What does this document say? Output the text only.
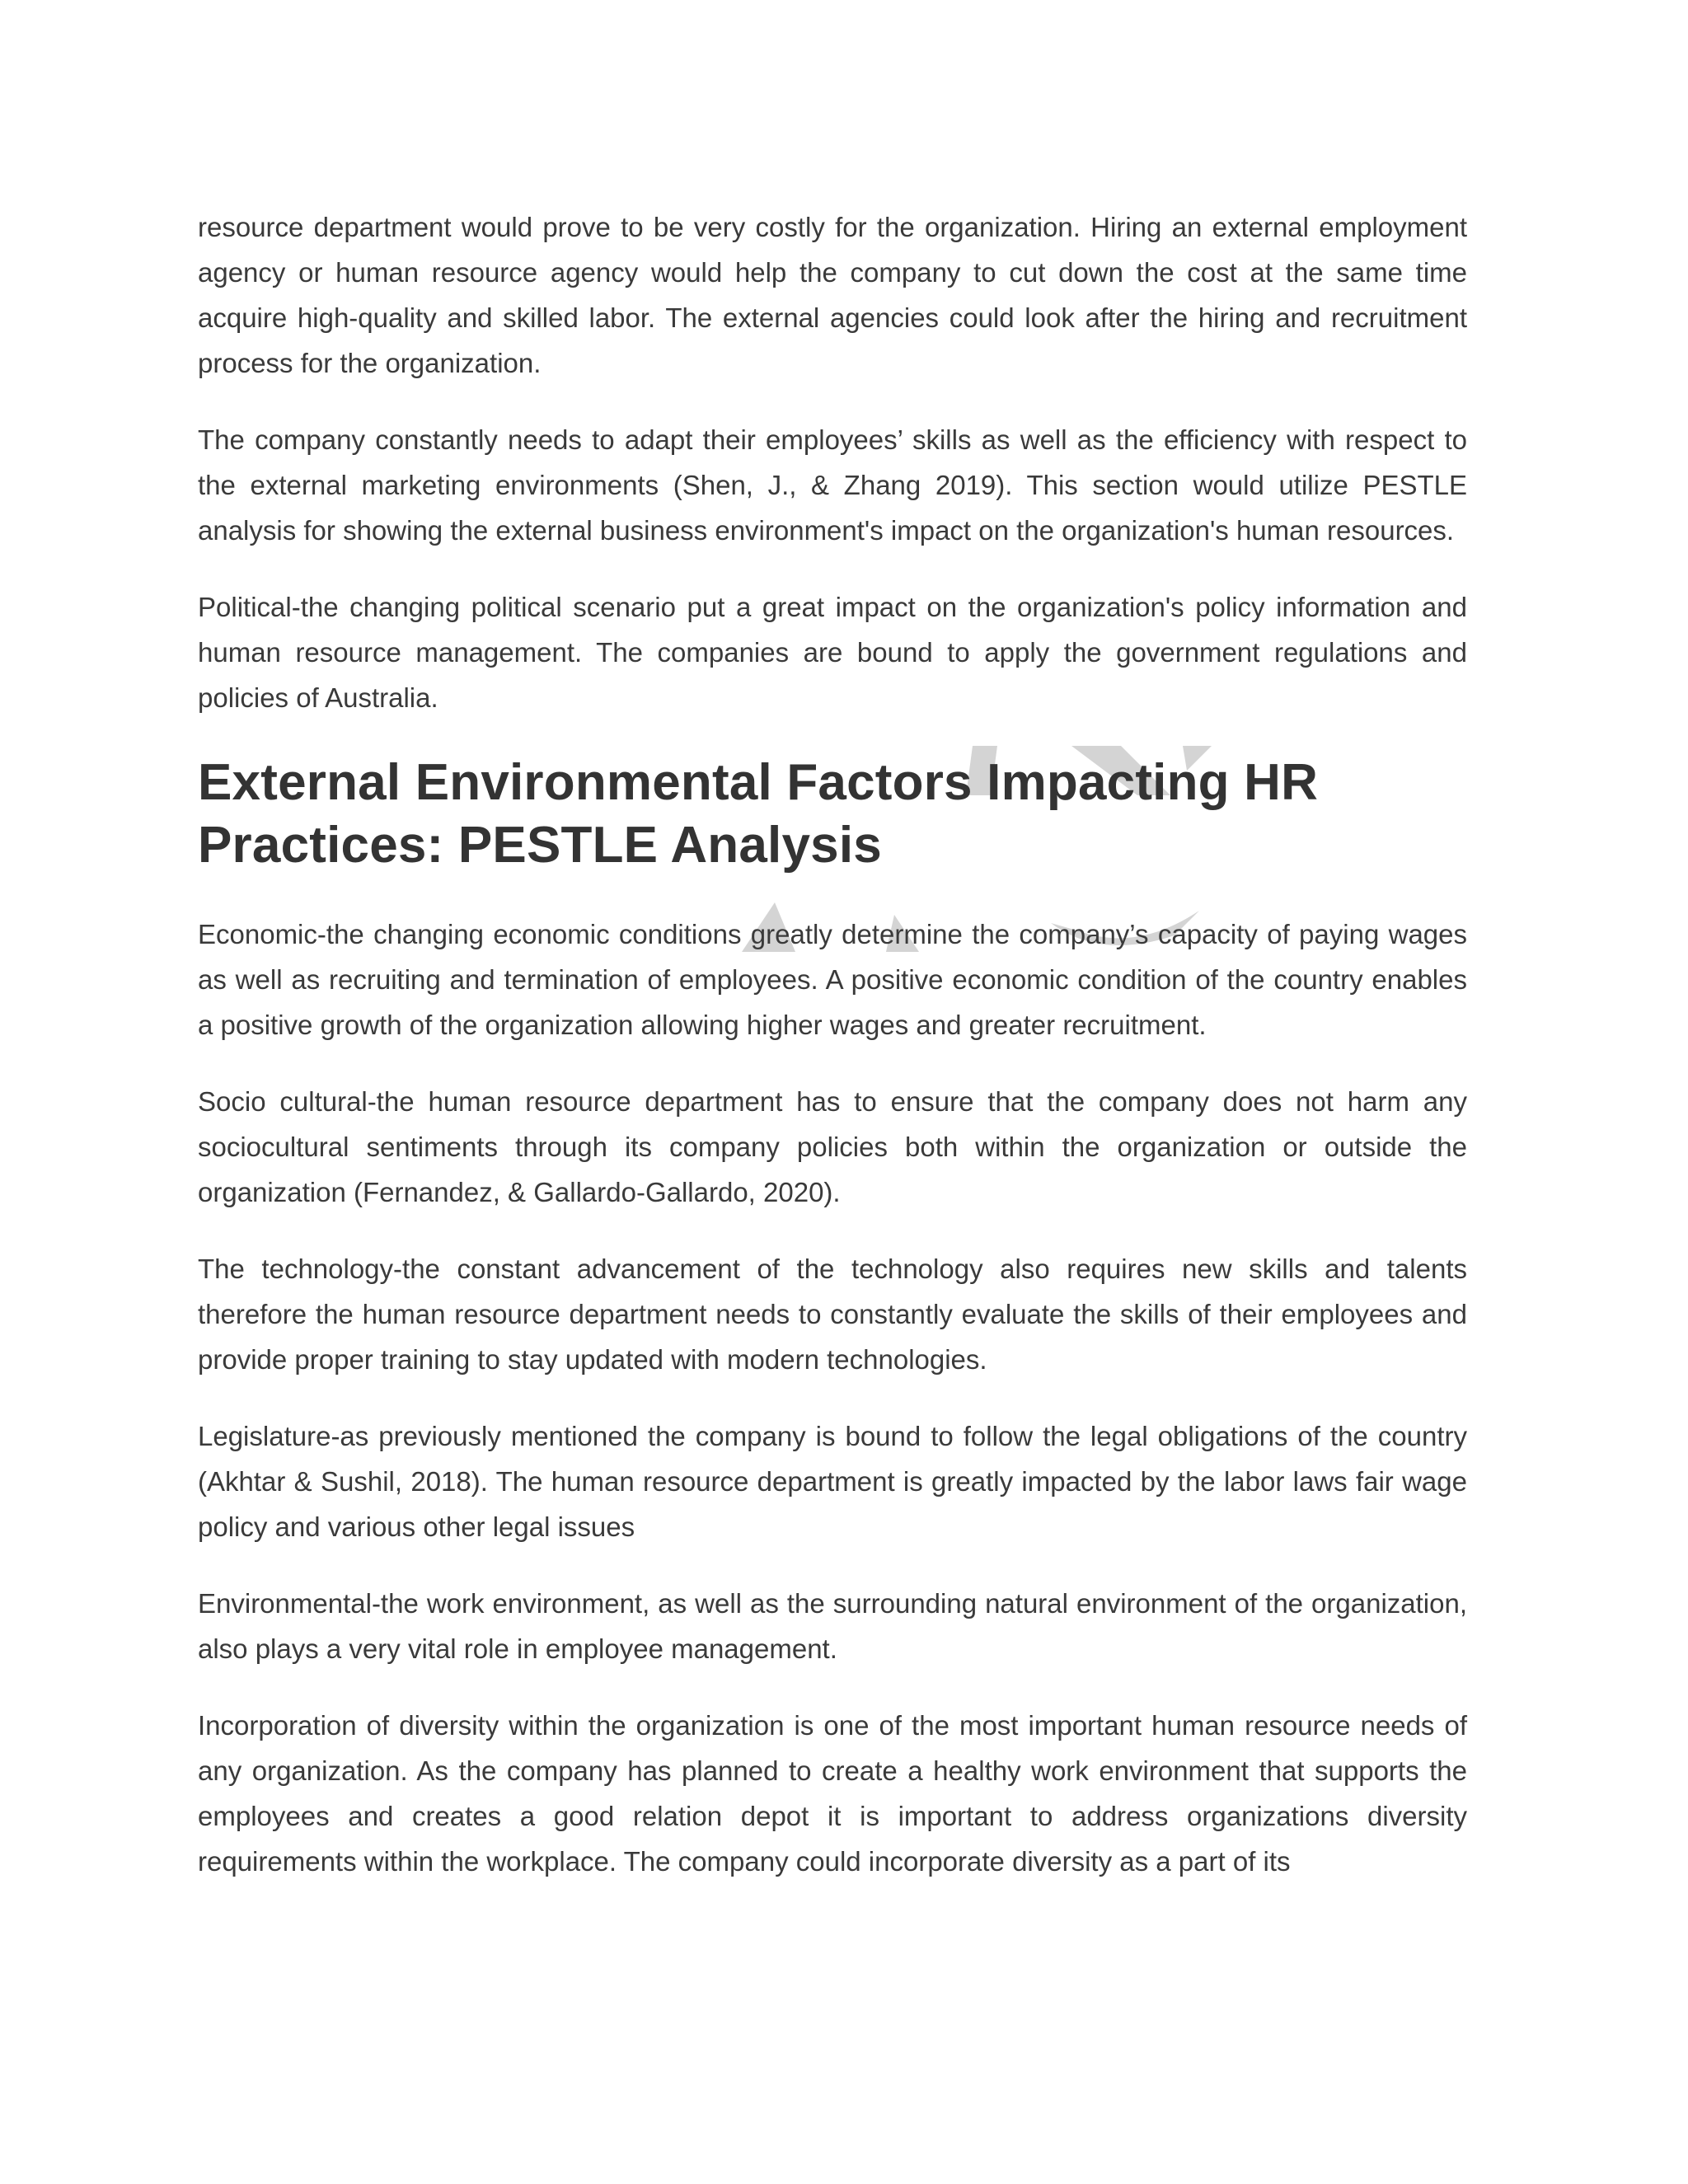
resource department would prove to be very costly for the organization. Hiring an external employment agency or human resource agency would help the company to cut down the cost at the same time acquire high-quality and skilled labor. The external agencies could look after the hiring and recruitment process for the organization.

The company constantly needs to adapt their employees’ skills as well as the efficiency with respect to the external marketing environments (Shen, J., & Zhang 2019). This section would utilize PESTLE analysis for showing the external business environment's impact on the organization's human resources.

Political-the changing political scenario put a great impact on the organization's policy information and human resource management. The companies are bound to apply the government regulations and policies of Australia.

External Environmental Factors Impacting HR Practices: PESTLE Analysis

Economic-the changing economic conditions greatly determine the company’s capacity of paying wages as well as recruiting and termination of employees. A positive economic condition of the country enables a positive growth of the organization allowing higher wages and greater recruitment.

Socio cultural-the human resource department has to ensure that the company does not harm any sociocultural sentiments through its company policies both within the organization or outside the organization (Fernandez, & Gallardo-Gallardo, 2020).

The technology-the constant advancement of the technology also requires new skills and talents therefore the human resource department needs to constantly evaluate the skills of their employees and provide proper training to stay updated with modern technologies.

Legislature-as previously mentioned the company is bound to follow the legal obligations of the country (Akhtar & Sushil, 2018). The human resource department is greatly impacted by the labor laws fair wage policy and various other legal issues

Environmental-the work environment, as well as the surrounding natural environment of the organization, also plays a very vital role in employee management.

Incorporation of diversity within the organization is one of the most important human resource needs of any organization. As the company has planned to create a healthy work environment that supports the employees and creates a good relation depot it is important to address organizations diversity requirements within the workplace. The company could incorporate diversity as a part of its
